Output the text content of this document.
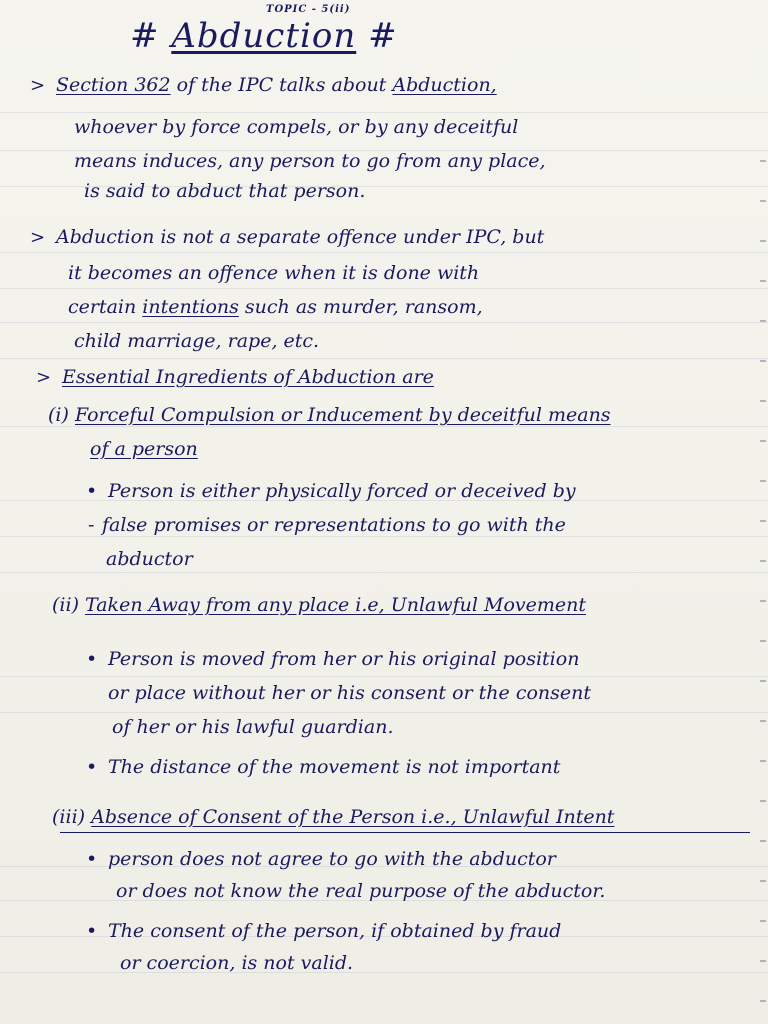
TOPIC - 5(ii)
# Abduction #
> Section 362 of the IPC talks about Abduction,
whoever by force compels, or by any deceitful
means induces, any person to go from any place,
is said to abduct that person.
> Abduction is not a separate offence under IPC, but
it becomes an offence when it is done with
certain intentions such as murder, ransom,
child marriage, rape, etc.
> Essential Ingredients of Abduction are
(i) Forceful Compulsion or Inducement by deceitful means
of a person
• Person is either physically forced or deceived by
- false promises or representations to go with the
abductor
(ii) Taken Away from any place i.e, Unlawful Movement
• Person is moved from her or his original position
or place without her or his consent or the consent
of her or his lawful guardian.
• The distance of the movement is not important
(iii) Absence of Consent of the Person i.e., Unlawful Intent
• person does not agree to go with the abductor
or does not know the real purpose of the abductor.
• The consent of the person, if obtained by fraud
or coercion, is not valid.
